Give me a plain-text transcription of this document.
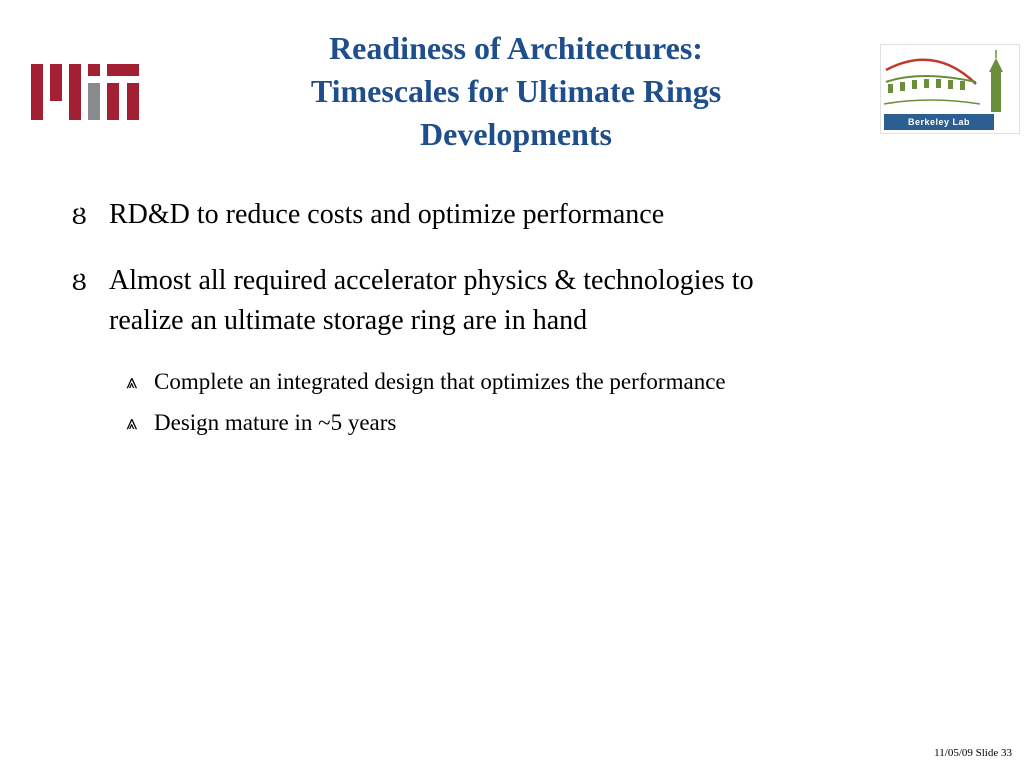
Berkeley Lab
Readiness of Architectures:
Timescales for Ultimate Rings
Developments
Ȣ RD&D to reduce costs and optimize performance
Ȣ Almost all required accelerator physics & technologies to
realize an ultimate storage ring are in hand
⩓ Complete an integrated design that optimizes the performance
⩓ Design mature in ~5 years
11/05/09 Slide 33
